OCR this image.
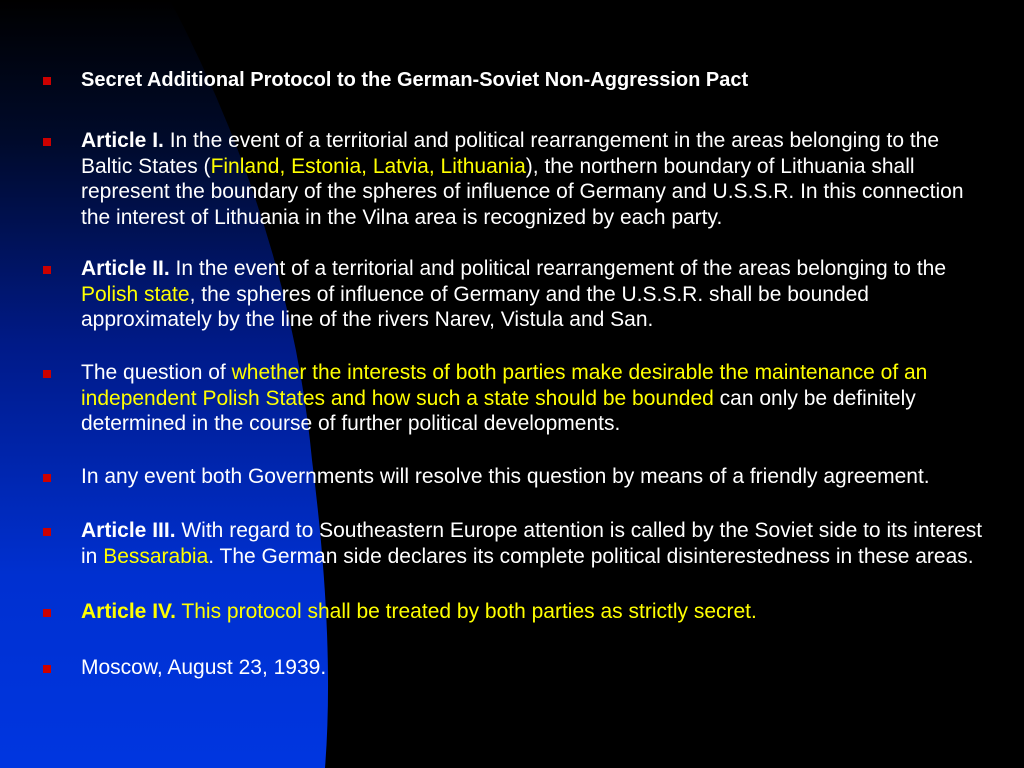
Secret Additional Protocol to the German-Soviet Non-Aggression Pact
Article I. In the event of a territorial and political rearrangement in the areas belonging to the Baltic States (Finland, Estonia, Latvia, Lithuania), the northern boundary of Lithuania shall represent the boundary of the spheres of influence of Germany and U.S.S.R. In this connection the interest of Lithuania in the Vilna area is recognized by each party.
Article II. In the event of a territorial and political rearrangement of the areas belonging to the Polish state, the spheres of influence of Germany and the U.S.S.R. shall be bounded approximately by the line of the rivers Narev, Vistula and San.
The question of whether the interests of both parties make desirable the maintenance of an independent Polish States and how such a state should be bounded can only be definitely determined in the course of further political developments.
In any event both Governments will resolve this question by means of a friendly agreement.
Article III. With regard to Southeastern Europe attention is called by the Soviet side to its interest in Bessarabia. The German side declares its complete political disinterestedness in these areas.
Article IV. This protocol shall be treated by both parties as strictly secret.
Moscow, August 23, 1939.
